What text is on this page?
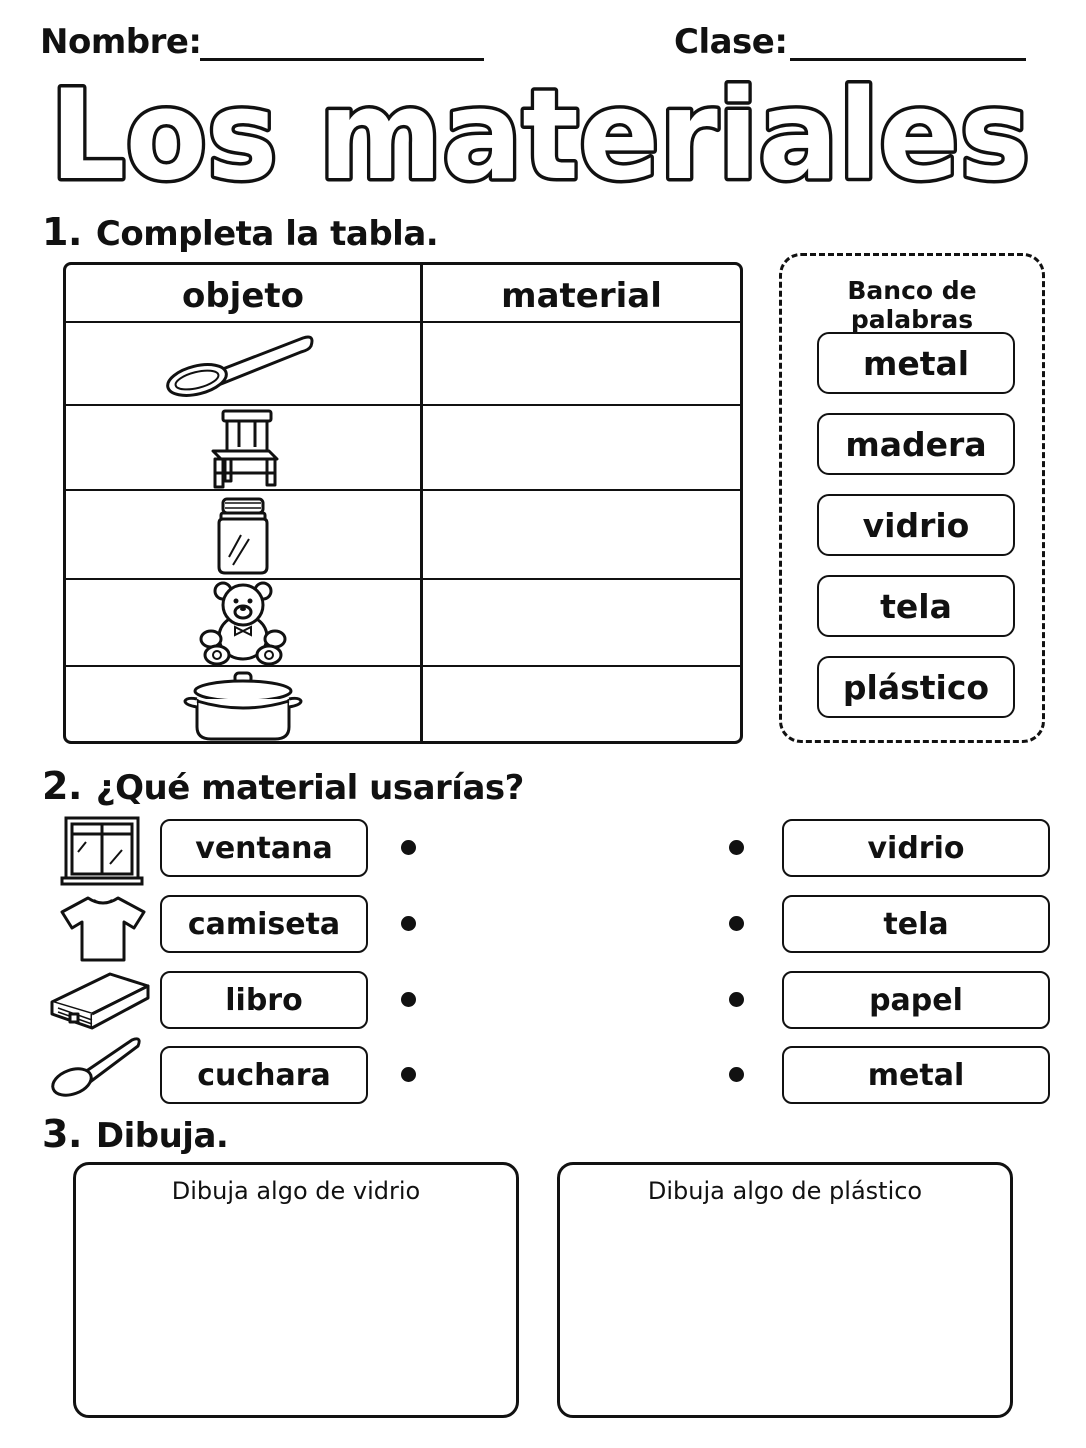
Nombre:	Clase:
Los materiales
1. Completa la tabla.
objeto	material	Banco de palabras
metal
madera
vidrio
tela
plástico
2. ¿Qué material usarías?
ventana
camiseta
libro
cuchara
vidrio
tela
papel
metal
3. Dibuja.
Dibuja algo de vidrio	Dibuja algo de plástico
